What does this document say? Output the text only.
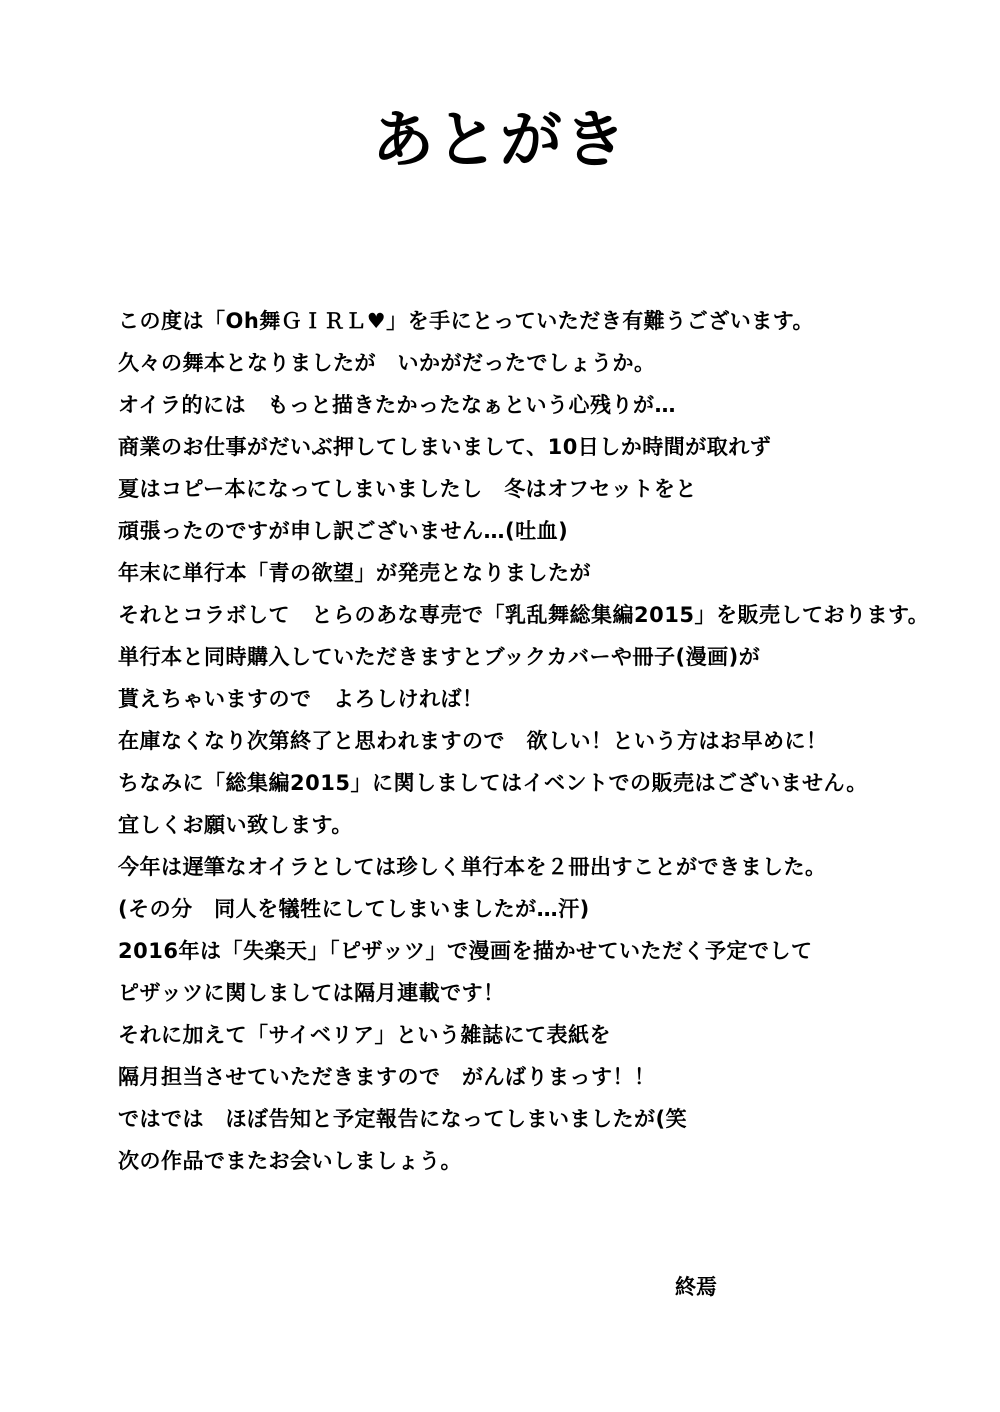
あとがき
この度は「Oh舞ＧＩＲＬ♥」を手にとっていただき有難うございます。
久々の舞本となりましたが　いかがだったでしょうか。
オイラ的には　もっと描きたかったなぁという心残りが…
商業のお仕事がだいぶ押してしまいまして、10日しか時間が取れず
夏はコピー本になってしまいましたし　冬はオフセットをと
頑張ったのですが申し訳ございません…(吐血)
年末に単行本「青の欲望」が発売となりましたが
それとコラボして　とらのあな専売で「乳乱舞総集編2015」を販売しております。
単行本と同時購入していただきますとブックカバーや冊子(漫画)が
貰えちゃいますので　よろしければ！
在庫なくなり次第終了と思われますので　欲しい！という方はお早めに！
ちなみに「総集編2015」に関しましてはイベントでの販売はございません。
宜しくお願い致します。
今年は遅筆なオイラとしては珍しく単行本を２冊出すことができました。
(その分　同人を犠牲にしてしまいましたが…汗)
2016年は「失楽天」「ピザッツ」で漫画を描かせていただく予定でして
ピザッツに関しましては隔月連載です！
それに加えて「サイベリア」という雑誌にて表紙を
隔月担当させていただきますので　がんばりまっす！！
ではでは　ほぼ告知と予定報告になってしまいましたが(笑
次の作品でまたお会いしましょう。
終焉
